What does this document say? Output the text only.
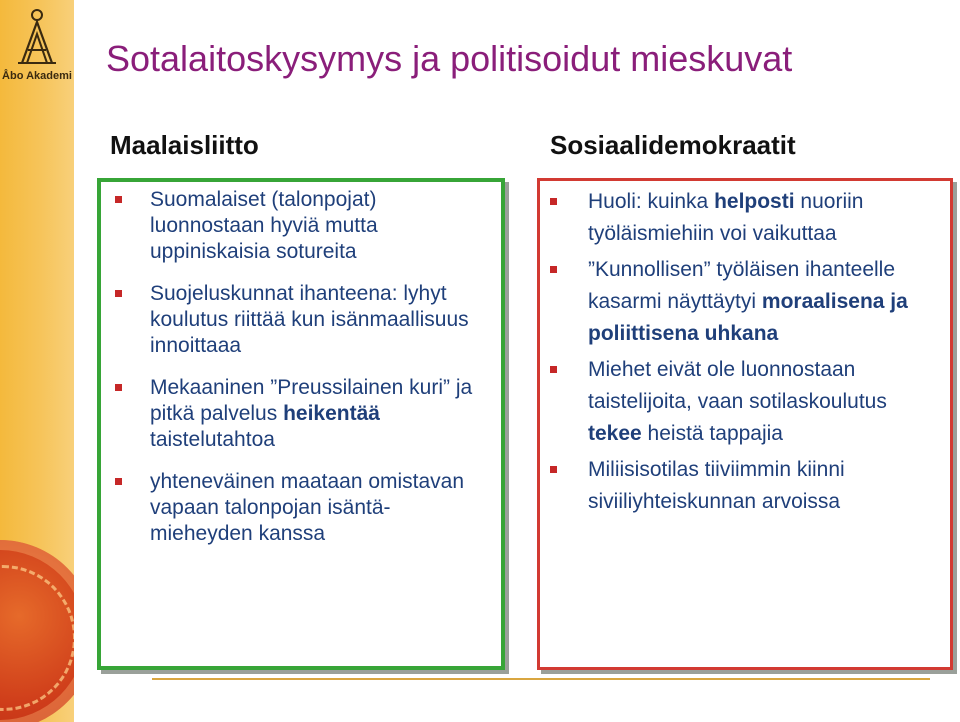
Åbo Akademi Sotalaitoskysymys ja politisoidut mieskuvat
Maalaisliitto	Sosiaalidemokraatit
Suomalaiset (talonpojat) luonnostaan hyviä mutta uppiniskaisia sotureita
Suojeluskunnat ihanteena: lyhyt koulutus riittää kun isänmaallisuus innoittaaa
Mekaaninen ”Preussilainen kuri” ja pitkä palvelus heikentää taistelutahtoa
yhteneväinen maataan omistavan vapaan talonpojan isäntä-mieheyden kanssa
Huoli: kuinka helposti nuoriin työläismiehiin voi vaikuttaa
”Kunnollisen” työläisen ihanteelle kasarmi näyttäytyi moraalisena ja poliittisena uhkana
Miehet eivät ole luonnostaan taistelijoita, vaan sotilaskoulutus tekee heistä tappajia
Miliisisotilas tiiviimmin kiinni siviiliyhteiskunnan arvoissa
